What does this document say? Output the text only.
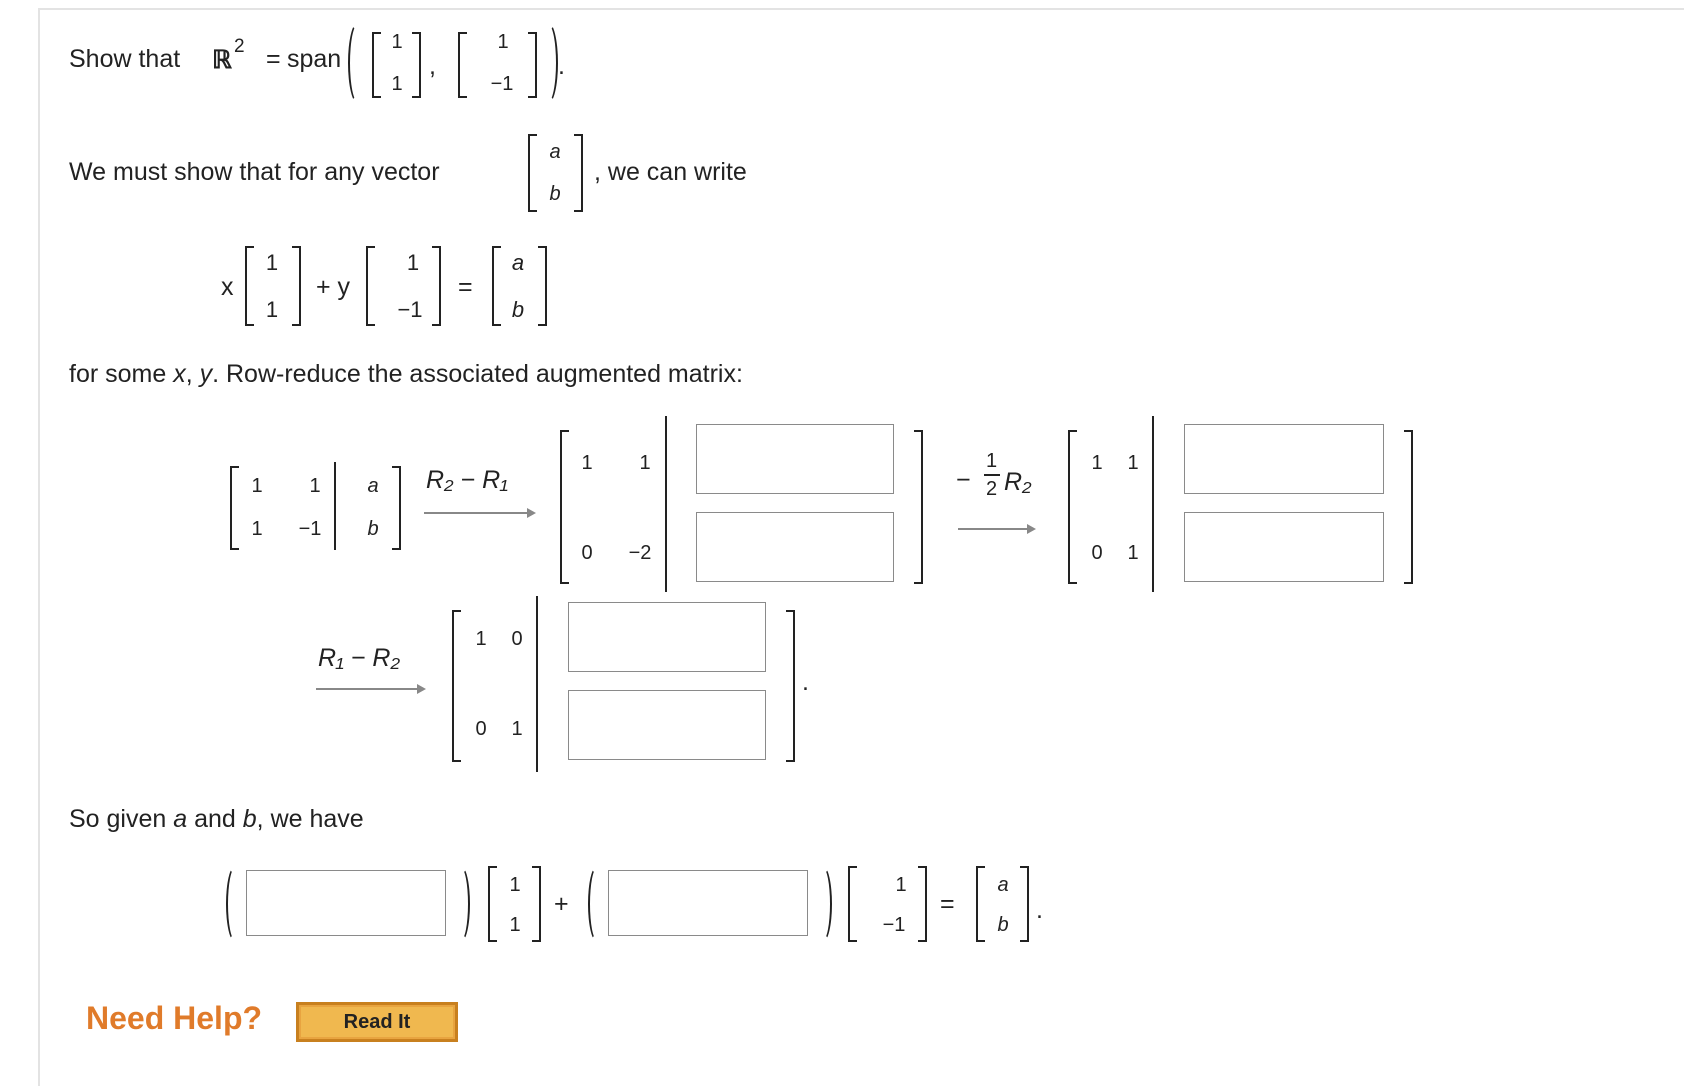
Show that ℝ 2 = span
1
1
,
1
−1
.
We must show that for any vector
a
b
, we can write
x
1
1
+ y
1
−1
=
a
b
for some x, y. Row-reduce the associated augmented matrix:
1	1	a
1	−1	b
R₂ − R₁
1	1
0	−2
−
1
2 R₂
1	1
0	1
R₁ − R₂
1	0
0	1
.
So given a and b, we have
1
1
+
1
−1
=
a
b
.
Need Help?	Read It
